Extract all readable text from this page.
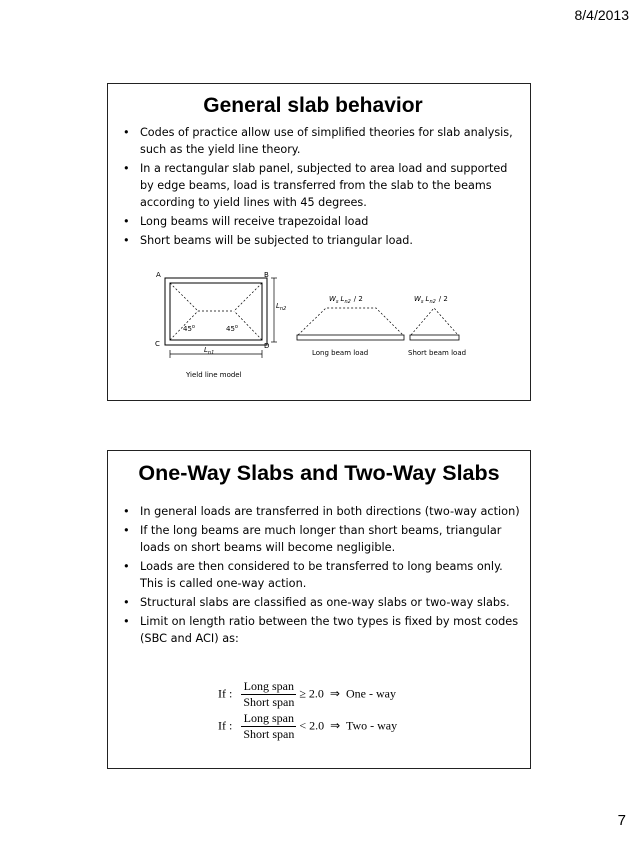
8/4/2013
General slab behavior
• Codes of practice allow use of simplified theories for slab analysis, such as the yield line theory.
• In a rectangular slab panel, subjected to area load and supported by edge beams, load is transferred from the slab to the beams according to yield lines with 45 degrees.
• Long beams will receive trapezoidal load
• Short beams will be subjected to triangular load.
A	B
C	D
45$^o$	45$^o$
$L_{n2}$
$L_{n1}$
Yield line model
$W_s$ $L_{n2} / 2$
Long beam load
$W_s$ $L_{n2} / 2$
Short beam load
One-Way Slabs and Two-Way Slabs
• In general loads are transferred in both directions (two-way action)
• If the long beams are much longer than short beams, triangular loads on short beams will become negligible.
• Loads are then considered to be transferred to long beams only. This is called one-way action.
• Structural slabs are classified as one-way slabs or two-way slabs.
• Limit on length ratio between the two types is fixed by most codes (SBC and ACI) as:
If : $\frac{\text{Long span}}{\text{Short span}} \ge 2.0$ ⇒ One - way
If : $\frac{\text{Long span}}{\text{Short span}} < 2.0$ ⇒ Two - way
7
